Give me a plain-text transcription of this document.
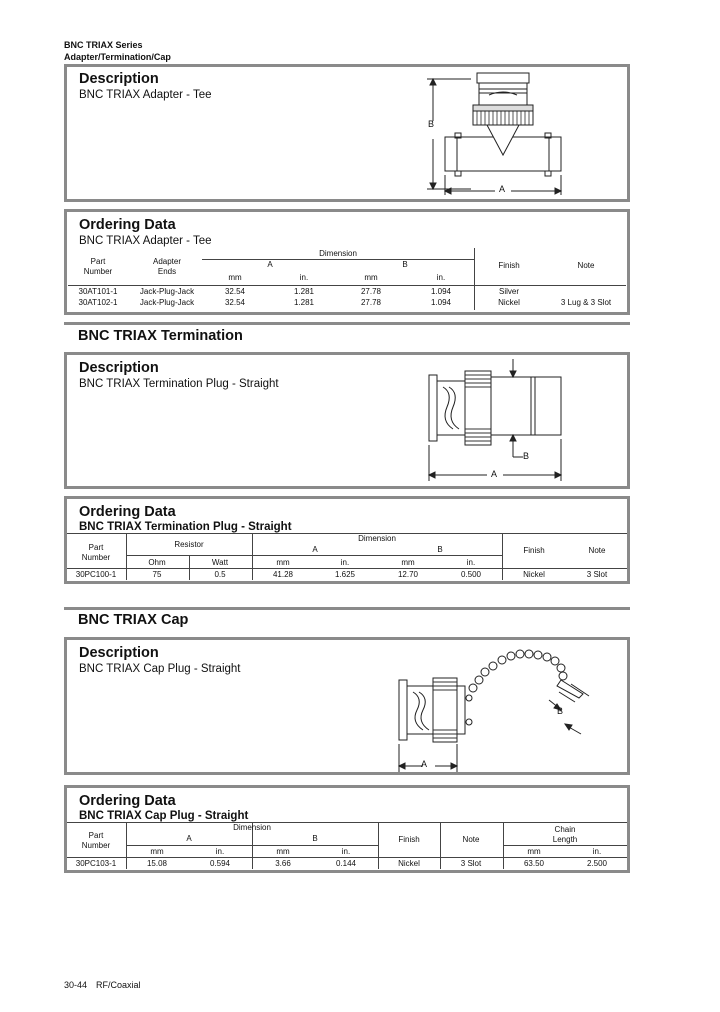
BNC TRIAX Series
Adapter/Termination/Cap
Description
BNC TRIAX Adapter - Tee
B
A
Ordering Data
BNC TRIAX Adapter - Tee
Dimension
Part Number
Adapter Ends
A	B	Finish	Note
mm	in.	mm	in.
30AT101-1	Jack-Plug-Jack	32.54	1.281	27.78	1.094	Silver
30AT102-1	Jack-Plug-Jack	32.54	1.281	27.78	1.094	Nickel	3 Lug & 3 Slot
BNC TRIAX Termination
Description
BNC TRIAX Termination Plug - Straight
B
A
Ordering Data
BNC TRIAX Termination Plug - Straight
Part Number
Resistor
Dimension
A	B	Finish	Note
Ohm	Watt	mm	in.	mm	in.
30PC100-1	75	0.5	41.28	1.625	12.70	0.500	Nickel	3 Slot
BNC TRIAX Cap
Description
BNC TRIAX Cap Plug - Straight
B
A
Ordering Data
BNC TRIAX Cap Plug - Straight
Part Number
Dimension
A	B	Finish	Note
Chain Length
mm	in.	mm	in.	mm	in.
30PC103-1	15.08	0.594	3.66	0.144	Nickel	3 Slot	63.50	2.500
30-44 RF/Coaxial
